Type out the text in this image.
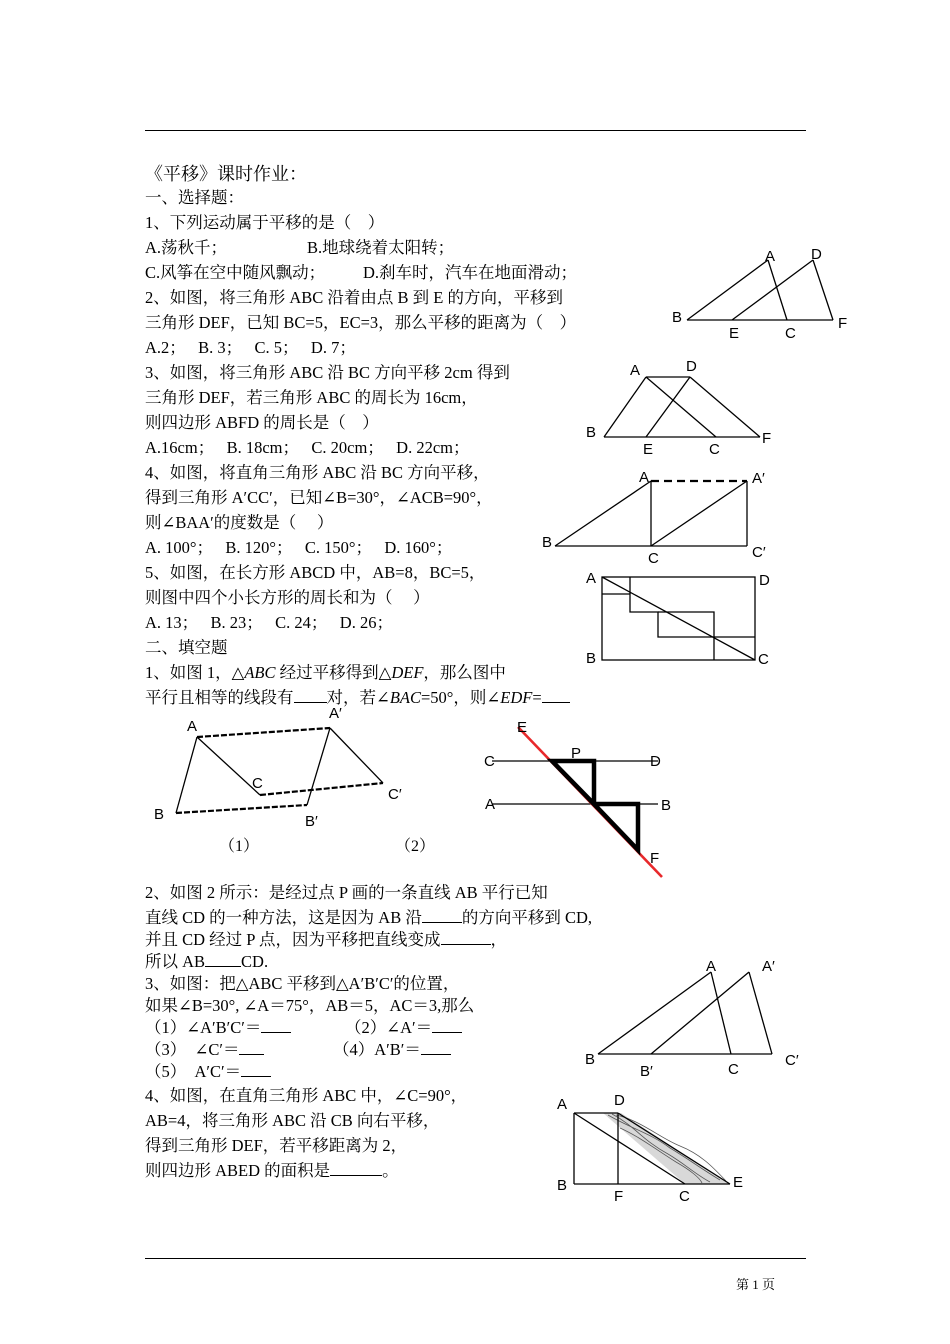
《平移》课时作业：
一、选择题：
1、下列运动属于平移的是（    ）
A.荡秋千；	B.地球绕着太阳转；
C.风筝在空中随风飘动； D.刹车时，汽车在地面滑动；
2、如图，将三角形 ABC 沿着由点 B 到 E 的方向，平移到
三角形 DEF，已知 BC=5，EC=3，那么平移的距离为（    ）
A.2；   B. 3；   C. 5；   D. 7；
3、如图，将三角形 ABC 沿 BC 方向平移 2cm 得到
三角形 DEF，若三角形 ABC 的周长为 16cm，
则四边形 ABFD 的周长是（    ）
A.16cm；   B. 18cm；   C. 20cm；   D. 22cm；
4、如图，将直角三角形 ABC 沿 BC 方向平移，
得到三角形 A′CC′，已知∠B=30°，∠ACB=90°，
则∠BAA′的度数是（     ）
A. 100°；   B. 120°；   C. 150°；   D. 160°；
5、如图，在长方形 ABCD 中，AB=8，BC=5，
则图中四个小长方形的周长和为（     ）
A. 13；   B. 23；   C. 24；   D. 26；
二、填空题
1、如图 1，△ABC 经过平移得到△DEF，那么图中
平行且相等的线段有 对，若∠BAC=50°，则∠EDF=
2、如图 2 所示：是经过点 P 画的一条直线 AB 平行已知
直线 CD 的一种方法，这是因为 AB 沿 的方向平移到 CD,
并且 CD 经过 P 点，因为平移把直线变成	，
所以 AB CD.
3、如图：把△ABC 平移到△A′B′C′的位置，
如果∠B=30°, ∠A＝75°，AB＝5，AC＝3,那么
（1）∠A′B′C′＝	（2）∠A′＝
（3）  ∠C′＝	（4）A′B′＝
（5）  A′C′＝
4、如图，在直角三角形 ABC 中，∠C=90°，
AB=4，将三角形 ABC 沿 CB 向右平移，
得到三角形 DEF，若平移距离为 2，
则四边形 ABED 的面积是	。
A D
B
E	C
F
A	D
B
E	C
F
A	A′
B
C	C′
A	D
B	C
A
A′
C
C′
B	B′
（1）	（2）
E
P
C	D
A	B
F
A	A′
B
B′	C
C′
A	D
B
F	C
E
第 1 页
